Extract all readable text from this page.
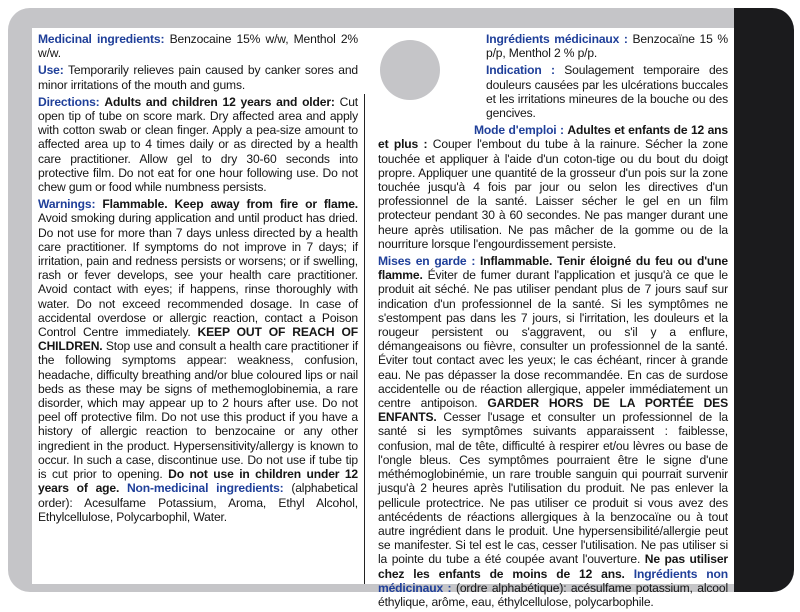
Medicinal ingredients: Benzocaine 15% w/w, Menthol 2% w/w.

Use: Temporarily relieves pain caused by canker sores and minor irritations of the mouth and gums.

Directions: Adults and children 12 years and older: Cut open tip of tube on score mark. Dry affected area and apply with cotton swab or clean finger. Apply a pea-size amount to affected area up to 4 times daily or as directed by a health care practitioner. Allow gel to dry 30-60 seconds into protective film. Do not eat for one hour following use. Do not chew gum or food while numbness persists.

Warnings: Flammable. Keep away from fire or flame. Avoid smoking during application and until product has dried. Do not use for more than 7 days unless directed by a health care practitioner. If symptoms do not improve in 7 days; if irritation, pain and redness persists or worsens; or if swelling, rash or fever develops, see your health care practitioner. Avoid contact with eyes; if happens, rinse thoroughly with water. Do not exceed recommended dosage. In case of accidental overdose or allergic reaction, contact a Poison Control Centre immediately. KEEP OUT OF REACH OF CHILDREN. Stop use and consult a health care practitioner if the following symptoms appear: weakness, confusion, headache, difficulty breathing and/or blue coloured lips or nail beds as these may be signs of methemoglobinemia, a rare disorder, which may appear up to 2 hours after use. Do not peel off protective film. Do not use this product if you have a history of allergic reaction to benzocaine or any other ingredient in the product. Hypersensitivity/allergy is known to occur. In such a case, discontinue use. Do not use if tube tip is cut prior to opening. Do not use in children under 12 years of age. Non-medicinal ingredients: (alphabetical order): Acesulfame Potassium, Aroma, Ethyl Alcohol, Ethylcellulose, Polycarbophil, Water.

Ingrédients médicinaux : Benzocaïne 15 % p/p, Menthol 2 % p/p.

Indication : Soulagement temporaire des douleurs causées par les ulcérations buccales et les irritations mineures de la bouche ou des gencives.

Mode d'emploi : Adultes et enfants de 12 ans et plus : Couper l'embout du tube à la rainure. Sécher la zone touchée et appliquer à l'aide d'un coton-tige ou du bout du doigt propre. Appliquer une quantité de la grosseur d'un pois sur la zone touchée jusqu'à 4 fois par jour ou selon les directives d'un professionnel de la santé. Laisser sécher le gel en un film protecteur pendant 30 à 60 secondes. Ne pas manger durant une heure après utilisation. Ne pas mâcher de la gomme ou de la nourriture lorsque l'engourdissement persiste.

Mises en garde : Inflammable. Tenir éloigné du feu ou d'une flamme. Éviter de fumer durant l'application et jusqu'à ce que le produit ait séché. Ne pas utiliser pendant plus de 7 jours sauf sur indication d'un professionnel de la santé. Si les symptômes ne s'estompent pas dans les 7 jours, si l'irritation, les douleurs et la rougeur persistent ou s'aggravent, ou s'il y a enflure, démangeaisons ou fièvre, consulter un professionnel de la santé. Éviter tout contact avec les yeux; le cas échéant, rincer à grande eau. Ne pas dépasser la dose recommandée. En cas de surdose accidentelle ou de réaction allergique, appeler immédiatement un centre antipoison. GARDER HORS DE LA PORTÉE DES ENFANTS. Cesser l'usage et consulter un professionnel de la santé si les symptômes suivants apparaissent : faiblesse, confusion, mal de tête, difficulté à respirer et/ou lèvres ou base de l'ongle bleus. Ces symptômes pourraient être le signe d'une méthémoglobinémie, un rare trouble sanguin qui pourrait survenir jusqu'à 2 heures après l'utilisation du produit. Ne pas enlever la pellicule protectrice. Ne pas utiliser ce produit si vous avez des antécédents de réactions allergiques à la benzocaïne ou à tout autre ingrédient dans le produit. Une hypersensibilité/allergie peut se manifester. Si tel est le cas, cesser l'utilisation. Ne pas utiliser si la pointe du tube a été coupée avant l'ouverture. Ne pas utiliser chez les enfants de moins de 12 ans. Ingrédients non médicinaux : (ordre alphabétique): acésulfame potassium, alcool éthylique, arôme, eau, éthylcellulose, polycarbophile.
